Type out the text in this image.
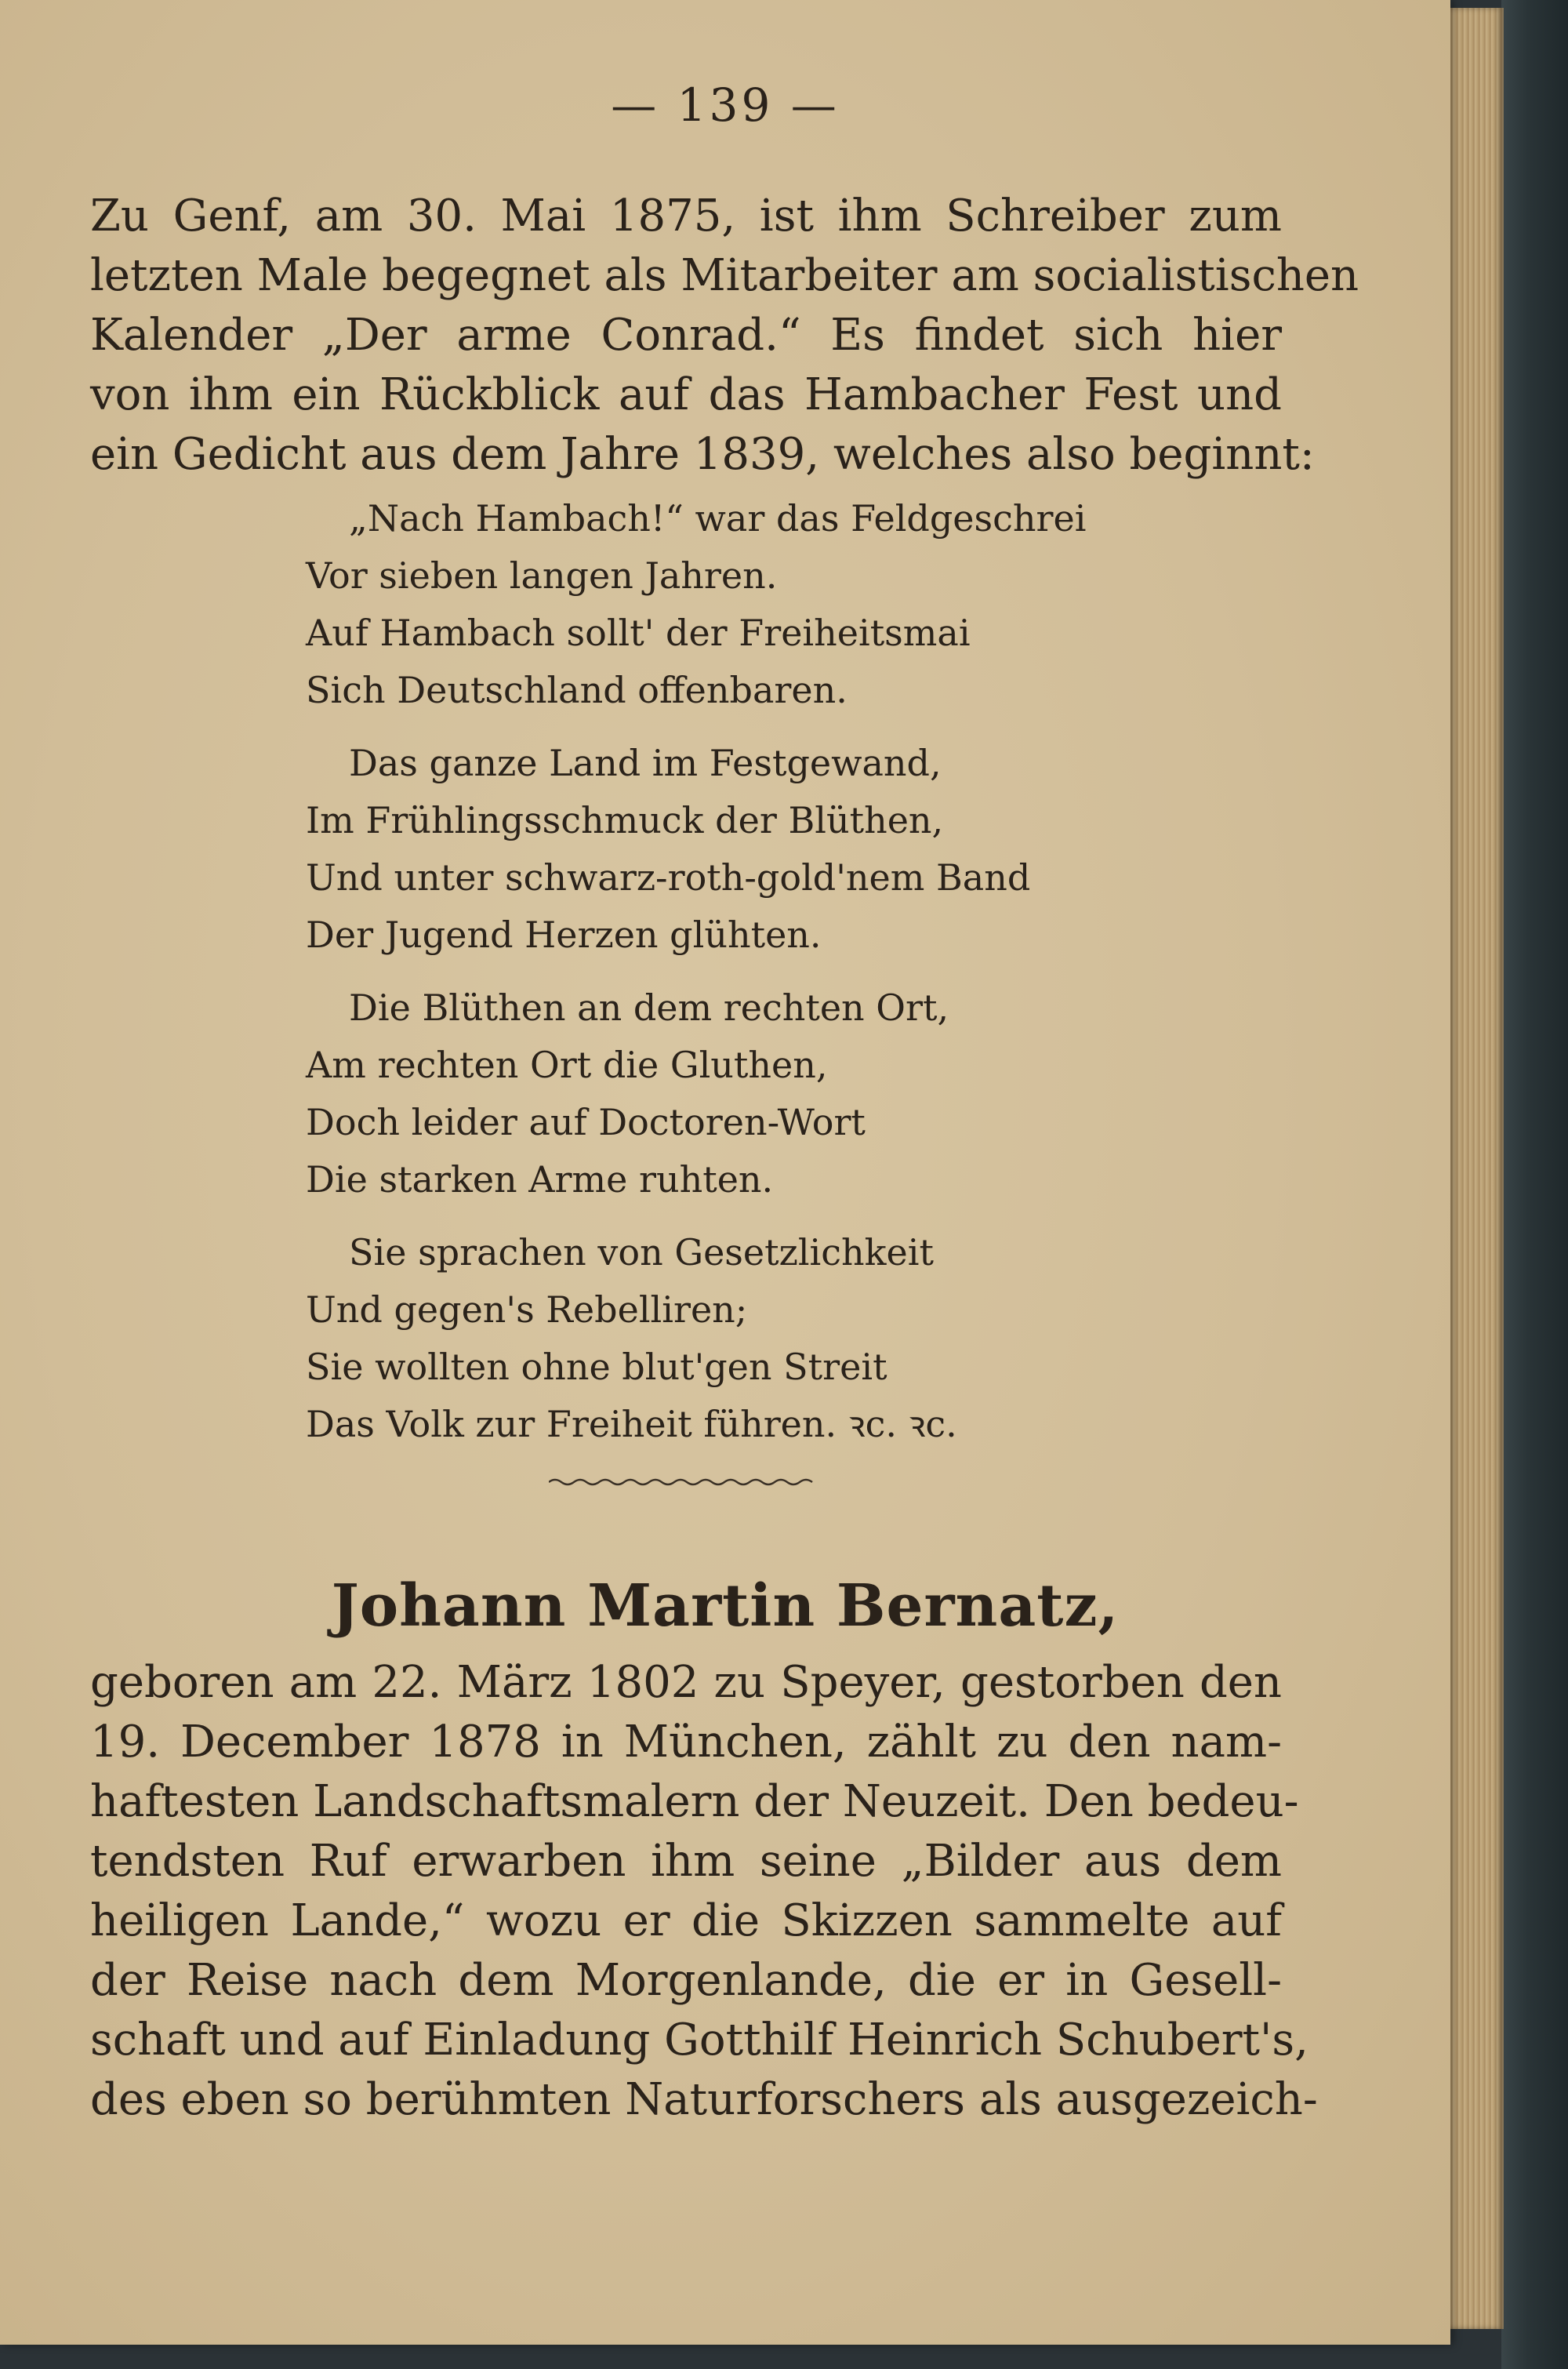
— 139 —
Zu Genf, am 30. Mai 1875, ist ihm Schreiber zum
letzten Male begegnet als Mitarbeiter am socialistischen
Kalender „Der arme Conrad.“ Es findet sich hier
von ihm ein Rückblick auf das Hambacher Fest und
ein Gedicht aus dem Jahre 1839, welches also beginnt:
„Nach Hambach!“ war das Feldgeschrei
Vor sieben langen Jahren.
Auf Hambach sollt' der Freiheitsmai
Sich Deutschland offenbaren.
Das ganze Land im Festgewand,
Im Frühlingsschmuck der Blüthen,
Und unter schwarz-roth-gold'nem Band
Der Jugend Herzen glühten.
Die Blüthen an dem rechten Ort,
Am rechten Ort die Gluthen,
Doch leider auf Doctoren-Wort
Die starken Arme ruhten.
Sie sprachen von Gesetzlichkeit
Und gegen's Rebelliren;
Sie wollten ohne blut'gen Streit
Das Volk zur Freiheit führen. ꝛc. ꝛc.
Johann Martin Bernatz,
geboren am 22. März 1802 zu Speyer, gestorben den
19. December 1878 in München, zählt zu den nam-
haftesten Landschaftsmalern der Neuzeit. Den bedeu-
tendsten Ruf erwarben ihm seine „Bilder aus dem
heiligen Lande,“ wozu er die Skizzen sammelte auf
der Reise nach dem Morgenlande, die er in Gesell-
schaft und auf Einladung Gotthilf Heinrich Schubert's,
des eben so berühmten Naturforschers als ausgezeich-
